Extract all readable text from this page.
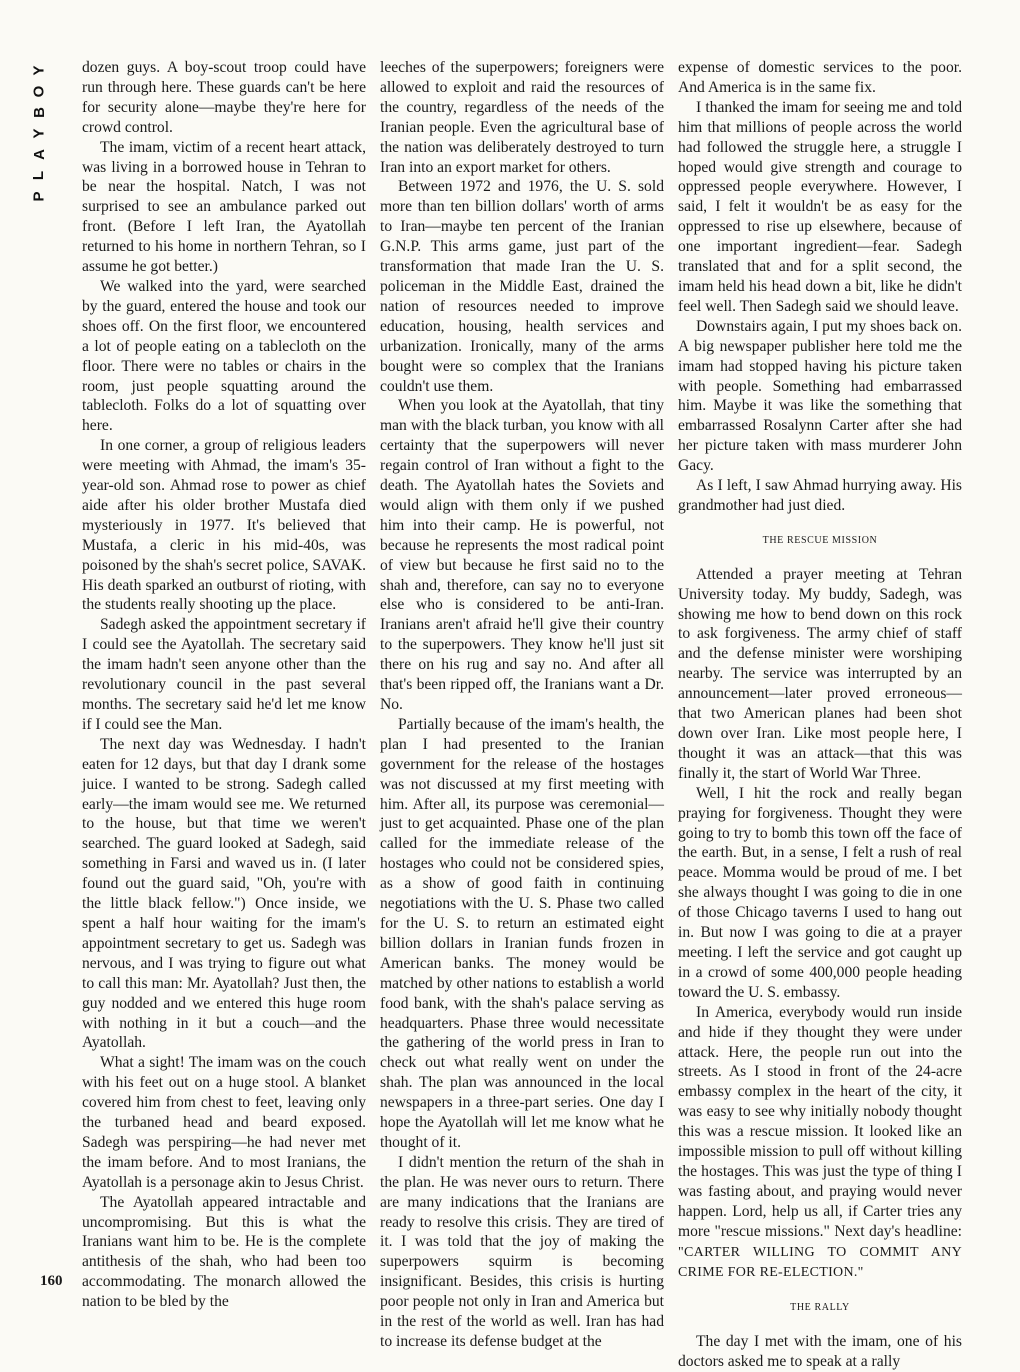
Y
O
B
Y
A
L
P

dozen guys. A boy-scout troop could have run through here. These guards can't be here for security alone—maybe they're here for crowd control.

The imam, victim of a recent heart attack, was living in a borrowed house in Tehran to be near the hospital. Natch, I was not surprised to see an ambulance parked out front. (Before I left Iran, the Ayatollah returned to his home in northern Tehran, so I assume he got better.)

We walked into the yard, were searched by the guard, entered the house and took our shoes off. On the first floor, we encountered a lot of people eating on a tablecloth on the floor. There were no tables or chairs in the room, just people squatting around the tablecloth. Folks do a lot of squatting over here.

In one corner, a group of religious leaders were meeting with Ahmad, the imam's 35-year-old son. Ahmad rose to power as chief aide after his older brother Mustafa died mysteriously in 1977. It's believed that Mustafa, a cleric in his mid-40s, was poisoned by the shah's secret police, SAVAK. His death sparked an outburst of rioting, with the students really shooting up the place.

Sadegh asked the appointment secretary if I could see the Ayatollah. The secretary said the imam hadn't seen anyone other than the revolutionary council in the past several months. The secretary said he'd let me know if I could see the Man.

The next day was Wednesday. I hadn't eaten for 12 days, but that day I drank some juice. I wanted to be strong. Sadegh called early—the imam would see me. We returned to the house, but that time we weren't searched. The guard looked at Sadegh, said something in Farsi and waved us in. (I later found out the guard said, "Oh, you're with the little black fellow.") Once inside, we spent a half hour waiting for the imam's appointment secretary to get us. Sadegh was nervous, and I was trying to figure out what to call this man: Mr. Ayatollah? Just then, the guy nodded and we entered this huge room with nothing in it but a couch—and the Ayatollah.

What a sight! The imam was on the couch with his feet out on a huge stool. A blanket covered him from chest to feet, leaving only the turbaned head and beard exposed. Sadegh was perspiring—he had never met the imam before. And to most Iranians, the Ayatollah is a personage akin to Jesus Christ.

The Ayatollah appeared intractable and uncompromising. But this is what the Iranians want him to be. He is the complete antithesis of the shah, who had been too accommodating. The monarch allowed the nation to be bled by the

leeches of the superpowers; foreigners were allowed to exploit and raid the resources of the country, regardless of the needs of the Iranian people. Even the agricultural base of the nation was deliberately destroyed to turn Iran into an export market for others.

Between 1972 and 1976, the U. S. sold more than ten billion dollars' worth of arms to Iran—maybe ten percent of the Iranian G.N.P. This arms game, just part of the transformation that made Iran the U. S. policeman in the Middle East, drained the nation of resources needed to improve education, housing, health services and urbanization. Ironically, many of the arms bought were so complex that the Iranians couldn't use them.

When you look at the Ayatollah, that tiny man with the black turban, you know with all certainty that the superpowers will never regain control of Iran without a fight to the death. The Ayatollah hates the Soviets and would align with them only if we pushed him into their camp. He is powerful, not because he represents the most radical point of view but because he first said no to the shah and, therefore, can say no to everyone else who is considered to be anti-Iran. Iranians aren't afraid he'll give their country to the superpowers. They know he'll just sit there on his rug and say no. And after all that's been ripped off, the Iranians want a Dr. No.

Partially because of the imam's health, the plan I had presented to the Iranian government for the release of the hostages was not discussed at my first meeting with him. After all, its purpose was ceremonial—just to get acquainted. Phase one of the plan called for the immediate release of the hostages who could not be considered spies, as a show of good faith in continuing negotiations with the U. S. Phase two called for the U. S. to return an estimated eight billion dollars in Iranian funds frozen in American banks. The money would be matched by other nations to establish a world food bank, with the shah's palace serving as headquarters. Phase three would necessitate the gathering of the world press in Iran to check out what really went on under the shah. The plan was announced in the local newspapers in a three-part series. One day I hope the Ayatollah will let me know what he thought of it.

I didn't mention the return of the shah in the plan. He was never ours to return. There are many indications that the Iranians are ready to resolve this crisis. They are tired of it. I was told that the joy of making the superpowers squirm is becoming insignificant. Besides, this crisis is hurting poor people not only in Iran and America but in the rest of the world as well. Iran has had to increase its defense budget at the

expense of domestic services to the poor. And America is in the same fix.

I thanked the imam for seeing me and told him that millions of people across the world had followed the struggle here, a struggle I hoped would give strength and courage to oppressed people everywhere. However, I said, I felt it wouldn't be as easy for the oppressed to rise up elsewhere, because of one important ingredient—fear. Sadegh translated that and for a split second, the imam held his head down a bit, like he didn't feel well. Then Sadegh said we should leave.

Downstairs again, I put my shoes back on. A big newspaper publisher here told me the imam had stopped having his picture taken with people. Something had embarrassed him. Maybe it was like the something that embarrassed Rosalynn Carter after she had her picture taken with mass murderer John Gacy.

As I left, I saw Ahmad hurrying away. His grandmother had just died.

THE RESCUE MISSION

Attended a prayer meeting at Tehran University today. My buddy, Sadegh, was showing me how to bend down on this rock to ask forgiveness. The army chief of staff and the defense minister were worshiping nearby. The service was interrupted by an announcement—later proved erroneous—that two American planes had been shot down over Iran. Like most people here, I thought it was an attack—that this was finally it, the start of World War Three.

Well, I hit the rock and really began praying for forgiveness. Thought they were going to try to bomb this town off the face of the earth. But, in a sense, I felt a rush of real peace. Momma would be proud of me. I bet she always thought I was going to die in one of those Chicago taverns I used to hang out in. But now I was going to die at a prayer meeting. I left the service and got caught up in a crowd of some 400,000 people heading toward the U. S. embassy.

In America, everybody would run inside and hide if they thought they were under attack. Here, the people run out into the streets. As I stood in front of the 24-acre embassy complex in the heart of the city, it was easy to see why initially nobody thought this was a rescue mission. It looked like an impossible mission to pull off without killing the hostages. This was just the type of thing I was fasting about, and praying would never happen. Lord, help us all, if Carter tries any more "rescue missions." Next day's headline: "CARTER WILLING TO COMMIT ANY CRIME FOR RE-ELECTION."

THE RALLY

The day I met with the imam, one of his doctors asked me to speak at a rally

160
